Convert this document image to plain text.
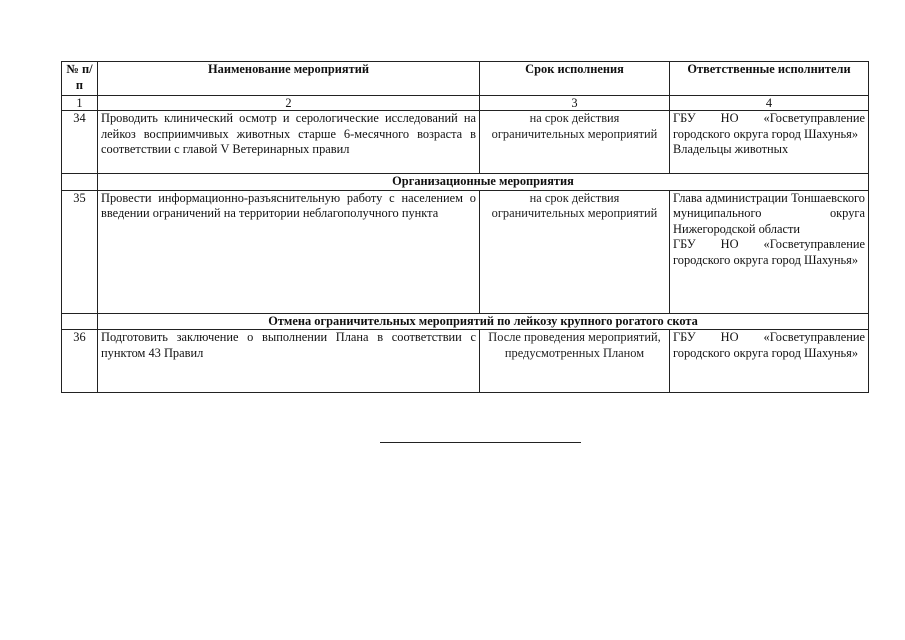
№ п/п	Наименование мероприятий	Срок исполнения	Ответственные исполнители
1	2	3	4
34	Проводить клинический осмотр и серологические исследований на лейкоз восприимчивых животных старше 6-месячного возраста в соответствии с главой V Ветеринарных правил	на срок действия ограничительных мероприятий	ГБУ НО «Госветуправление городского округа город Шахунья»
Владельцы животных

	Организационные мероприятия		
35	Провести информационно-разъяснительную работу с населением о введении ограничений на территории неблагополучного пункта	на срок действия ограничительных мероприятий	Глава администрации Тоншаевского муниципального округа Нижегородской области
ГБУ НО «Госветуправление городского округа город Шахунья»

	Отмена ограничительных мероприятий по лейкозу крупного рогатого скота		
36	Подготовить заключение о выполнении Плана в соответствии с пунктом 43 Правил	После проведения мероприятий, предусмотренных Планом	ГБУ НО «Госветуправление городского округа город Шахунья»
